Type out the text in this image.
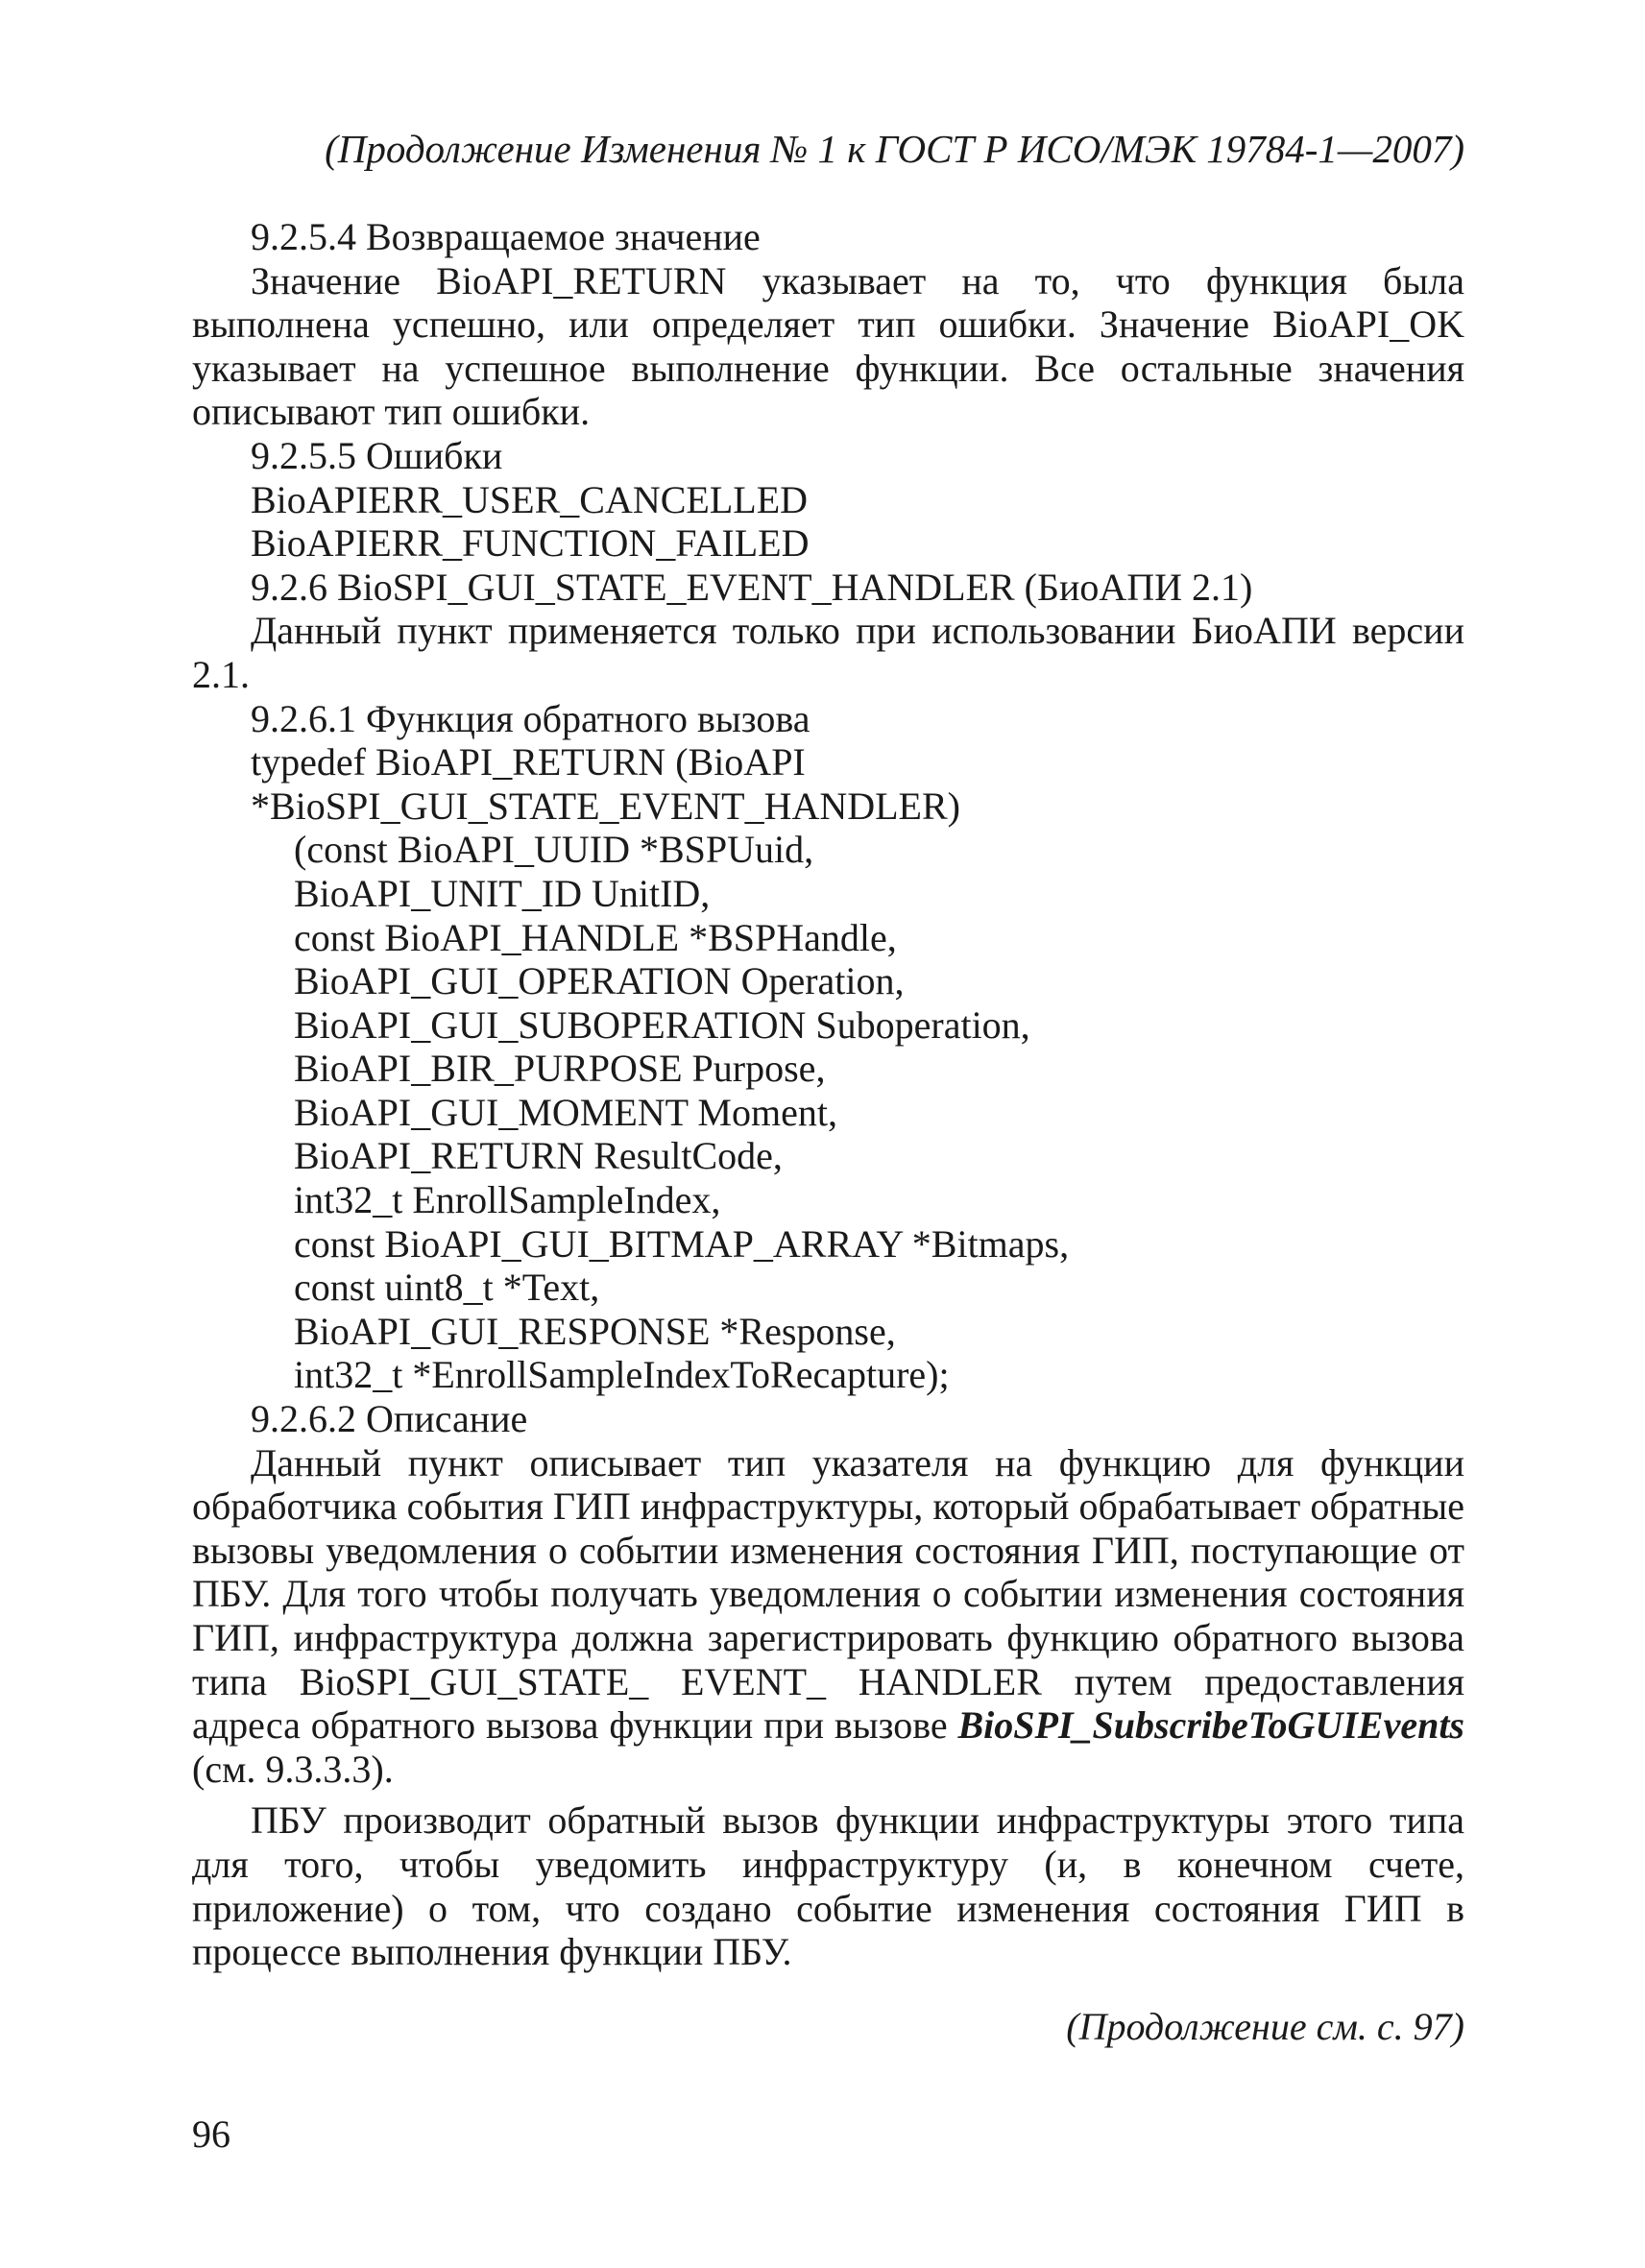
(Продолжение Изменения № 1 к ГОСТ Р ИСО/МЭК 19784-1—2007)
9.2.5.4 Возвращаемое значение

Значение BioAPI_RETURN указывает на то, что функция была выполнена успешно, или определяет тип ошибки. Значение BioAPI_OK указывает на успешное выполнение функции. Все остальные значения описывают тип ошибки.

9.2.5.5 Ошибки
BioAPIERR_USER_CANCELLED
BioAPIERR_FUNCTION_FAILED
9.2.6 BioSPI_GUI_STATE_EVENT_HANDLER (БиоАПИ 2.1)

Данный пункт применяется только при использовании БиоАПИ версии 2.1.

9.2.6.1 Функция обратного вызова
typedef BioAPI_RETURN (BioAPI
*BioSPI_GUI_STATE_EVENT_HANDLER)
(const BioAPI_UUID *BSPUuid,
BioAPI_UNIT_ID UnitID,
const BioAPI_HANDLE *BSPHandle,
BioAPI_GUI_OPERATION Operation,
BioAPI_GUI_SUBOPERATION Suboperation,
BioAPI_BIR_PURPOSE Purpose,
BioAPI_GUI_MOMENT Moment,
BioAPI_RETURN ResultCode,
int32_t EnrollSampleIndex,
const BioAPI_GUI_BITMAP_ARRAY *Bitmaps,
const uint8_t *Text,
BioAPI_GUI_RESPONSE *Response,
int32_t *EnrollSampleIndexToRecapture);
9.2.6.2 Описание

Данный пункт описывает тип указателя на функцию для функции обработчика события ГИП инфраструктуры, который обрабатывает обратные вызовы уведомления о событии изменения состояния ГИП, поступающие от ПБУ. Для того чтобы получать уведомления о событии изменения состояния ГИП, инфраструктура должна зарегистрировать функцию обратного вызова типа BioSPI_GUI_STATE_ EVENT_ HANDLER путем предоставления адреса обратного вызова функции при вызове BioSPI_SubscribeToGUIEvents (см. 9.3.3.3).

ПБУ производит обратный вызов функции инфраструктуры этого типа для того, чтобы уведомить инфраструктуру (и, в конечном счете, приложение) о том, что создано событие изменения состояния ГИП в процессе выполнения функции ПБУ.

(Продолжение см. с. 97)
96
